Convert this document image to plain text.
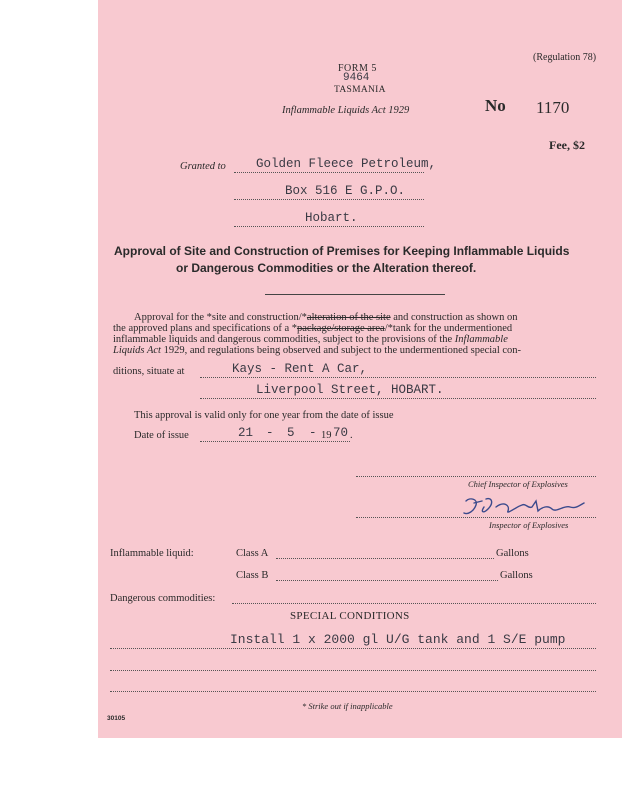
(Regulation 78)
FORM 5
9464
TASMANIA
Inflammable Liquids Act 1929	No 1170
Fee, $2
Granted to Golden Fleece Petroleum,
Box 516 E G.P.O.
Hobart.
Approval of Site and Construction of Premises for Keeping Inflammable Liquids
or Dangerous Commodities or the Alteration thereof.
Approval for the *site and construction/*alteration of the site and construction as shown on
the approved plans and specifications of a *package/storage area/*tank for the undermentioned
inflammable liquids and dangerous commodities, subject to the provisions of the Inflammable
Liquids Act 1929, and regulations being observed and subject to the undermentioned special con-
ditions, situate at	Kays - Rent A Car,
Liverpool Street, HOBART.
This approval is valid only for one year from the date of issue
Date of issue	21 - 5 - 19 70 .
Chief Inspector of Explosives
J. I. Clark
Inspector of Explosives
Inflammable liquid:	Class A	Gallons
Class B	Gallons
Dangerous commodities:
SPECIAL CONDITIONS
Install 1 x 2000 gl U/G tank and 1 S/E pump
* Strike out if inapplicable
30105
